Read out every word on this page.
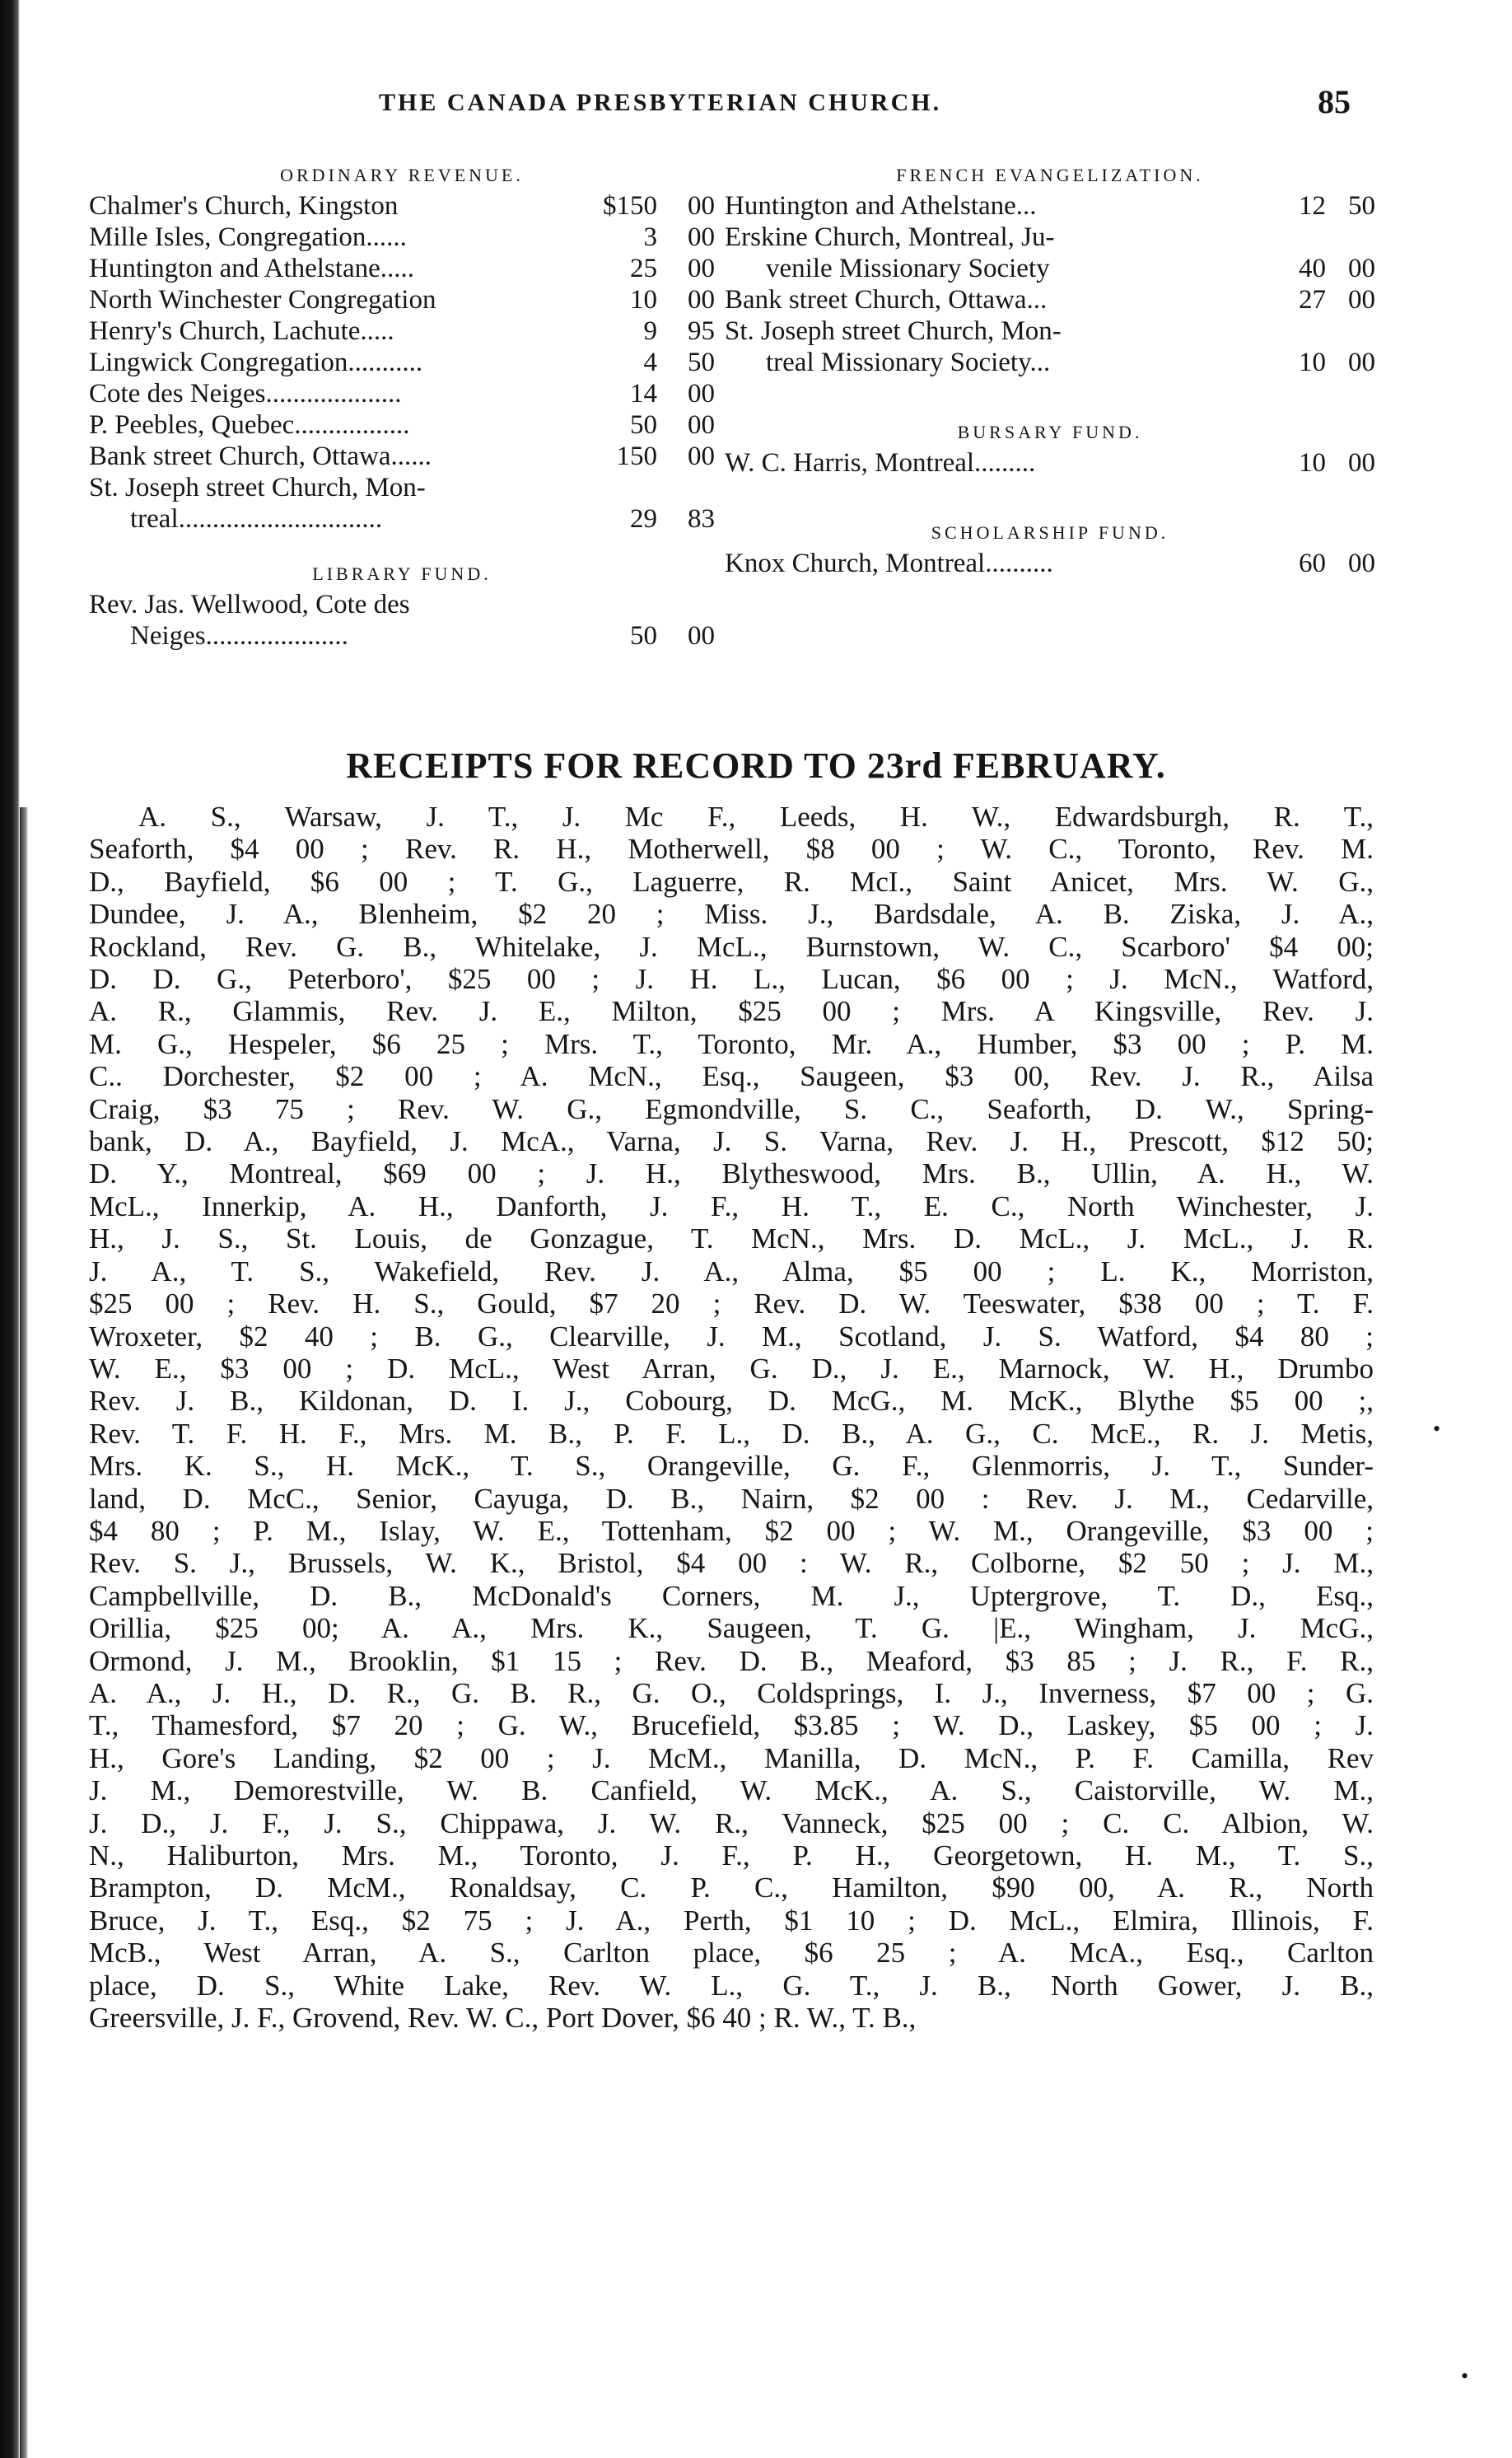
THE CANADA PRESBYTERIAN CHURCH.	85

ORDINARY REVENUE.

Chalmer's Church, Kingston	$150	00
Mille Isles, Congregation......	3	00
Huntington and Athelstane.....	25	00
North Winchester Congregation	10	00
Henry's Church, Lachute.....	9	95
Lingwick Congregation...........	4	50
Cote des Neiges....................	14	00
P. Peebles, Quebec.................	50	00
Bank street Church, Ottawa......	150	00
St. Joseph street Church, Mon-
treal..............................	29	83

LIBRARY FUND.

Rev. Jas. Wellwood, Cote des
Neiges.....................	50	00

FRENCH EVANGELIZATION.

Huntington and Athelstane...	12 50
Erskine Church, Montreal, Ju-
venile Missionary Society	40 00
Bank street Church, Ottawa...	27 00
St. Joseph street Church, Mon-
treal Missionary Society...	10 00

BURSARY FUND.

W. C. Harris, Montreal.........	10 00

SCHOLARSHIP FUND.

Knox Church, Montreal..........	60 00
RECEIPTS FOR RECORD TO 23rd FEBRUARY.
A. S., Warsaw, J. T., J. Mc F., Leeds, H. W., Edwardsburgh, R. T.,
Seaforth, $4 00 ; Rev. R. H., Motherwell, $8 00 ; W. C., Toronto, Rev. M.
D., Bayfield, $6 00 ; T. G., Laguerre, R. McI., Saint Anicet, Mrs. W. G.,
Dundee, J. A., Blenheim, $2 20 ; Miss. J., Bardsdale, A. B. Ziska, J. A.,
Rockland, Rev. G. B., Whitelake, J. McL., Burnstown, W. C., Scarboro' $4 00;
D. D. G., Peterboro', $25 00 ; J. H. L., Lucan, $6 00 ; J. McN., Watford,
A. R., Glammis, Rev. J. E., Milton, $25 00 ; Mrs. A Kingsville, Rev. J.
M. G., Hespeler, $6 25 ; Mrs. T., Toronto, Mr. A., Humber, $3 00 ; P. M.
C.. Dorchester, $2 00 ; A. McN., Esq., Saugeen, $3 00, Rev. J. R., Ailsa
Craig, $3 75 ; Rev. W. G., Egmondville, S. C., Seaforth, D. W., Spring-
bank, D. A., Bayfield, J. McA., Varna, J. S. Varna, Rev. J. H., Prescott, $12 50;
D. Y., Montreal, $69 00 ; J. H., Blytheswood, Mrs. B., Ullin, A. H., W.
McL., Innerkip, A. H., Danforth, J. F., H. T., E. C., North Winchester, J.
H., J. S., St. Louis, de Gonzague, T. McN., Mrs. D. McL., J. McL., J. R.
J. A., T. S., Wakefield, Rev. J. A., Alma, $5 00 ; L. K., Morriston,
$25 00 ; Rev. H. S., Gould, $7 20 ; Rev. D. W. Teeswater, $38 00 ; T. F.
Wroxeter, $2 40 ; B. G., Clearville, J. M., Scotland, J. S. Watford, $4 80 ;
W. E., $3 00 ; D. McL., West Arran, G. D., J. E., Marnock, W. H., Drumbo
Rev. J. B., Kildonan, D. I. J., Cobourg, D. McG., M. McK., Blythe $5 00 ;,
Rev. T. F. H. F., Mrs. M. B., P. F. L., D. B., A. G., C. McE., R. J. Metis,
Mrs. K. S., H. McK., T. S., Orangeville, G. F., Glenmorris, J. T., Sunder-
land, D. McC., Senior, Cayuga, D. B., Nairn, $2 00 : Rev. J. M., Cedarville,
$4 80 ; P. M., Islay, W. E., Tottenham, $2 00 ; W. M., Orangeville, $3 00 ;
Rev. S. J., Brussels, W. K., Bristol, $4 00 : W. R., Colborne, $2 50 ; J. M.,
Campbellville, D. B., McDonald's Corners, M. J., Uptergrove, T. D., Esq.,
Orillia, $25 00; A. A., Mrs. K., Saugeen, T. G. |E., Wingham, J. McG.,
Ormond, J. M., Brooklin, $1 15 ; Rev. D. B., Meaford, $3 85 ; J. R., F. R.,
A. A., J. H., D. R., G. B. R., G. O., Coldsprings, I. J., Inverness, $7 00 ; G.
T., Thamesford, $7 20 ; G. W., Brucefield, $3.85 ; W. D., Laskey, $5 00 ; J.
H., Gore's Landing, $2 00 ; J. McM., Manilla, D. McN., P. F. Camilla, Rev
J. M., Demorestville, W. B. Canfield, W. McK., A. S., Caistorville, W. M.,
J. D., J. F., J. S., Chippawa, J. W. R., Vanneck, $25 00 ; C. C. Albion, W.
N., Haliburton, Mrs. M., Toronto, J. F., P. H., Georgetown, H. M., T. S.,
Brampton, D. McM., Ronaldsay, C. P. C., Hamilton, $90 00, A. R., North
Bruce, J. T., Esq., $2 75 ; J. A., Perth, $1 10 ; D. McL., Elmira, Illinois, F.
McB., West Arran, A. S., Carlton place, $6 25 ; A. McA., Esq., Carlton
place, D. S., White Lake, Rev. W. L., G. T., J. B., North Gower, J. B.,
Greersville, J. F., Grovend, Rev. W. C., Port Dover, $6 40 ; R. W., T. B.,
•
•
